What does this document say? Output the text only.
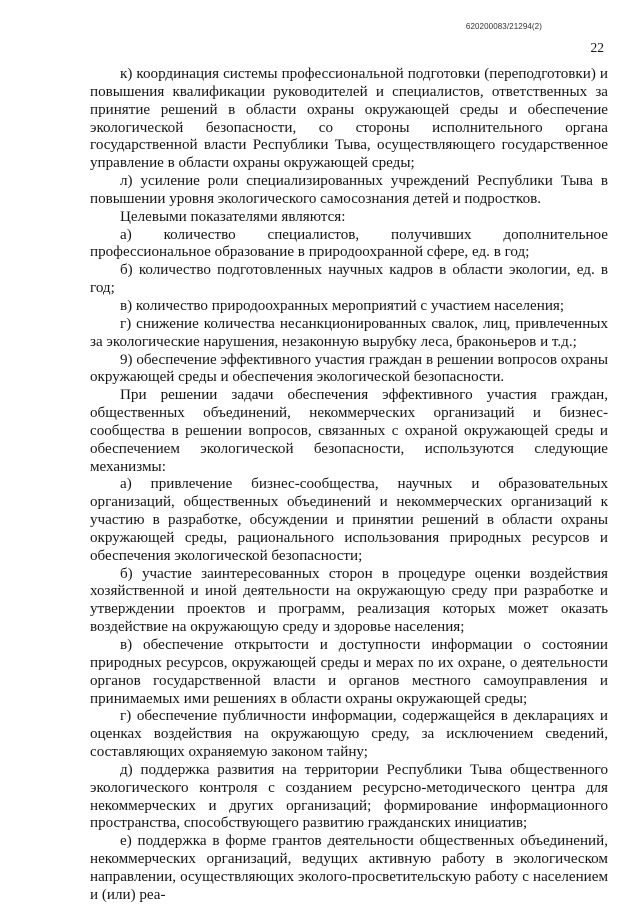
620200083/21294(2)
22

к) координация системы профессиональной подготовки (переподготовки) и повышения квалификации руководителей и специалистов, ответственных за принятие решений в области охраны окружающей среды и обеспечение экологической безопасности, со стороны исполнительного органа государственной власти Республики Тыва, осуществляющего государственное управление в области охраны окружающей среды;

л) усиление роли специализированных учреждений Республики Тыва в повышении уровня экологического самосознания детей и подростков.

Целевыми показателями являются:

а) количество специалистов, получивших дополнительное профессиональное образование в природоохранной сфере, ед. в год;

б) количество подготовленных научных кадров в области экологии, ед. в год;

в) количество природоохранных мероприятий с участием населения;

г) снижение количества несанкционированных свалок, лиц, привлеченных за экологические нарушения, незаконную вырубку леса, браконьеров и т.д.;

9) обеспечение эффективного участия граждан в решении вопросов охраны окружающей среды и обеспечения экологической безопасности.

При решении задачи обеспечения эффективного участия граждан, общественных объединений, некоммерческих организаций и бизнес-сообщества в решении вопросов, связанных с охраной окружающей среды и обеспечением экологической безопасности, используются следующие механизмы:

а) привлечение бизнес-сообщества, научных и образовательных организаций, общественных объединений и некоммерческих организаций к участию в разработке, обсуждении и принятии решений в области охраны окружающей среды, рационального использования природных ресурсов и обеспечения экологической безопасности;

б) участие заинтересованных сторон в процедуре оценки воздействия хозяйственной и иной деятельности на окружающую среду при разработке и утверждении проектов и программ, реализация которых может оказать воздействие на окружающую среду и здоровье населения;

в) обеспечение открытости и доступности информации о состоянии природных ресурсов, окружающей среды и мерах по их охране, о деятельности органов государственной власти и органов местного самоуправления и принимаемых ими решениях в области охраны окружающей среды;

г) обеспечение публичности информации, содержащейся в декларациях и оценках воздействия на окружающую среду, за исключением сведений, составляющих охраняемую законом тайну;

д) поддержка развития на территории Республики Тыва общественного экологического контроля с созданием ресурсно-методического центра для некоммерческих и других организаций; формирование информационного пространства, способствующего развитию гражданских инициатив;

е) поддержка в форме грантов деятельности общественных объединений, некоммерческих организаций, ведущих активную работу в экологическом направлении, осуществляющих эколого-просветительскую работу с населением и (или) реа-
